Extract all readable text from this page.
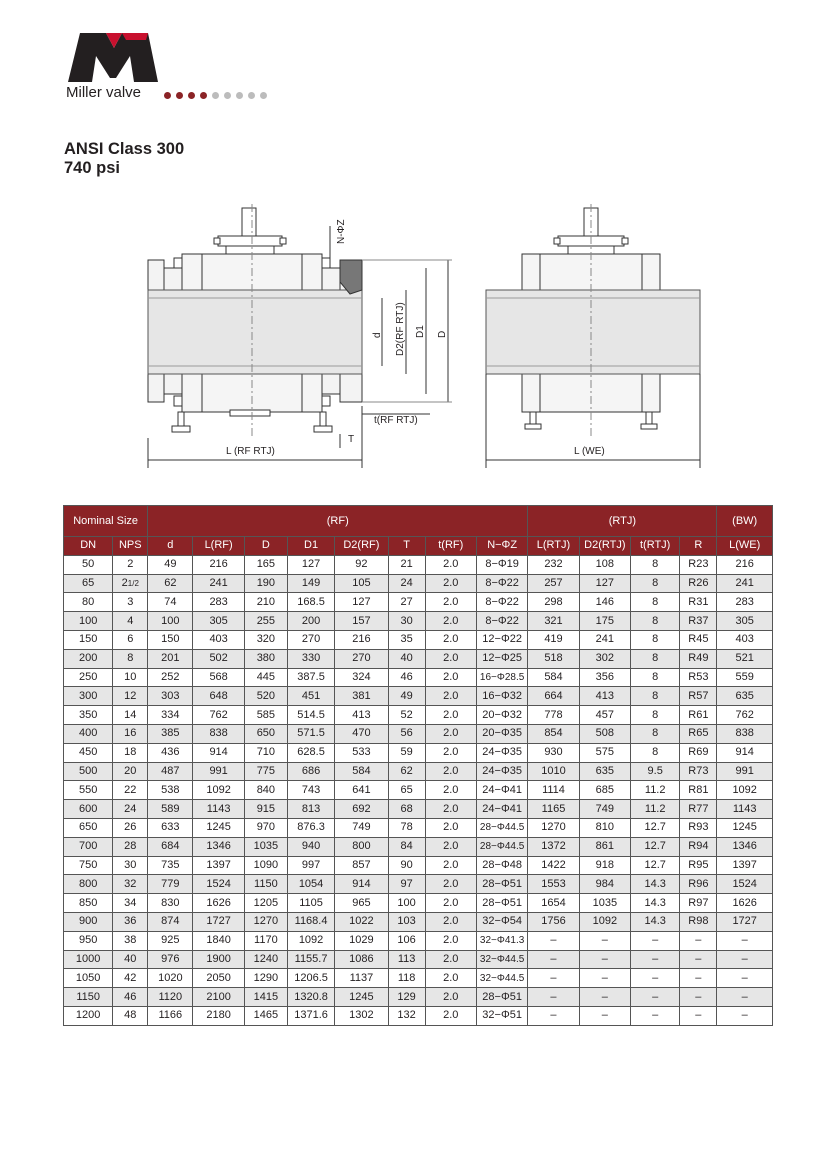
Miller valve
ANSI Class 300
740 psi
N-ΦZ
d D2(RF RTJ) D1 D
t(RF RTJ)
T
L (RF RTJ)	L (WE)
Nominal Size		(RF)								(RTJ)				(BW)
DN	NPS	d	L(RF)	D	D1	D2(RF)	T	t(RF)	N−ΦZ	L(RTJ)	D2(RTJ)	t(RTJ)	R	L(WE)
50	2	49	216	165	127	92	21	2.0	8−Φ19	232	108	8	R23	216
65	21/2	62	241	190	149	105	24	2.0	8−Φ22	257	127	8	R26	241
80	3	74	283	210	168.5	127	27	2.0	8−Φ22	298	146	8	R31	283
100	4	100	305	255	200	157	30	2.0	8−Φ22	321	175	8	R37	305
150	6	150	403	320	270	216	35	2.0	12−Φ22	419	241	8	R45	403
200	8	201	502	380	330	270	40	2.0	12−Φ25	518	302	8	R49	521
250	10	252	568	445	387.5	324	46	2.0	16−Φ28.5	584	356	8	R53	559
300	12	303	648	520	451	381	49	2.0	16−Φ32	664	413	8	R57	635
350	14	334	762	585	514.5	413	52	2.0	20−Φ32	778	457	8	R61	762
400	16	385	838	650	571.5	470	56	2.0	20−Φ35	854	508	8	R65	838
450	18	436	914	710	628.5	533	59	2.0	24−Φ35	930	575	8	R69	914
500	20	487	991	775	686	584	62	2.0	24−Φ35	1010	635	9.5	R73	991
550	22	538	1092	840	743	641	65	2.0	24−Φ41	1114	685	11.2	R81	1092
600	24	589	1143	915	813	692	68	2.0	24−Φ41	1165	749	11.2	R77	1143
650	26	633	1245	970	876.3	749	78	2.0	28−Φ44.5	1270	810	12.7	R93	1245
700	28	684	1346	1035	940	800	84	2.0	28−Φ44.5	1372	861	12.7	R94	1346
750	30	735	1397	1090	997	857	90	2.0	28−Φ48	1422	918	12.7	R95	1397
800	32	779	1524	1150	1054	914	97	2.0	28−Φ51	1553	984	14.3	R96	1524
850	34	830	1626	1205	1105	965	100	2.0	28−Φ51	1654	1035	14.3	R97	1626
900	36	874	1727	1270	1168.4	1022	103	2.0	32−Φ54	1756	1092	14.3	R98	1727
950	38	925	1840	1170	1092	1029	106	2.0	32−Φ41.3	–	–	–	–	–
1000	40	976	1900	1240	1155.7	1086	113	2.0	32−Φ44.5	–	–	–	–	–
1050	42	1020	2050	1290	1206.5	1137	118	2.0	32−Φ44.5	–	–	–	–	–
1150	46	1120	2100	1415	1320.8	1245	129	2.0	28−Φ51	–	–	–	–	–
1200	48	1166	2180	1465	1371.6	1302	132	2.0	32−Φ51	–	–	–	–	–
